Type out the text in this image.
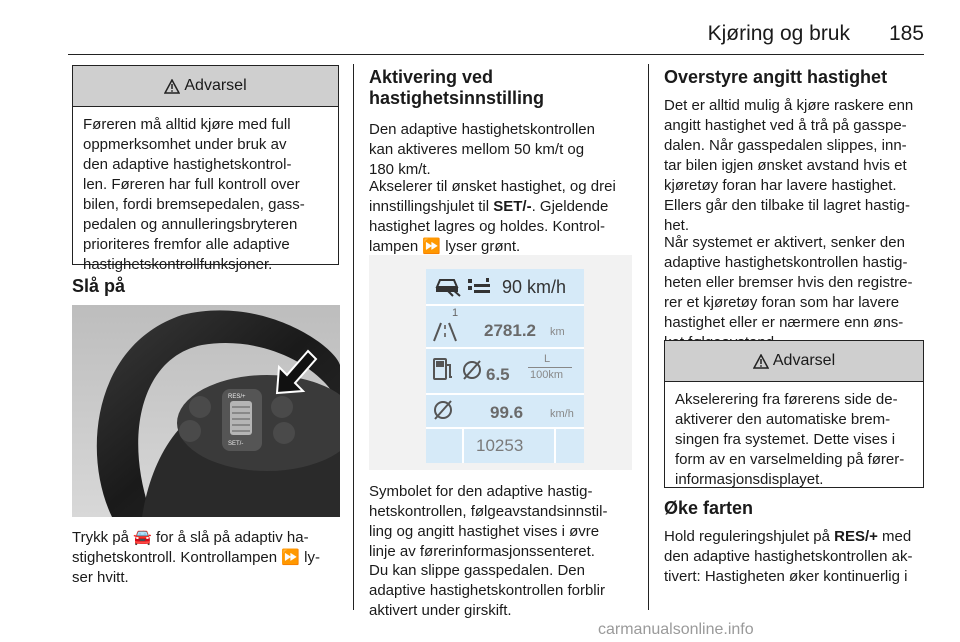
Kjøring og bruk 185
Advarsel
Føreren må alltid kjøre med full
oppmerksomhet under bruk av
den adaptive hastighetskontrol-
len. Føreren har full kontroll over
bilen, fordi bremsepedalen, gass-
pedalen og annulleringsbryteren
prioriteres fremfor alle adaptive
hastighetskontrollfunksjoner.
Slå på
RES/+
SET/-

Trykk på 🚘 for å slå på adaptiv ha-
stighetskontroll. Kontrollampen ⏩ ly-
ser hvitt.

Aktivering ved
hastighetsinnstilling

Den adaptive hastighetskontrollen
kan aktiveres mellom 50 km/t og
180 km/t.

Akselerer til ønsket hastighet, og drei
innstillingshjulet til SET/-. Gjeldende
hastighet lagres og holdes. Kontrol-
lampen ⏩ lyser grønt.

90 km/h
1
2781.2 km
6.5
L
100km
99.6 km/h
10253

Symbolet for den adaptive hastig-
hetskontrollen, følgeavstandsinnstil-
ling og angitt hastighet vises i øvre
linje av førerinformasjonssenteret.

Du kan slippe gasspedalen. Den
adaptive hastighetskontrollen forblir
aktivert under girskift.

Overstyre angitt hastighet

Det er alltid mulig å kjøre raskere enn
angitt hastighet ved å trå på gasspe-
dalen. Når gasspedalen slippes, inn-
tar bilen igjen ønsket avstand hvis et
kjøretøy foran har lavere hastighet.
Ellers går den tilbake til lagret hastig-
het.

Når systemet er aktivert, senker den
adaptive hastighetskontrollen hastig-
heten eller bremser hvis den registre-
rer et kjøretøy foran som har lavere
hastighet eller er nærmere enn øns-

Advarsel
Akselerering fra førerens side de-
aktiverer den automatiske brem-
singen fra systemet. Dette vises i
form av en varselmelding på fører-
informasjonsdisplayet.
Øke farten

Hold reguleringshjulet på RES/+ med
den adaptive hastighetskontrollen ak-
tivert: Hastigheten øker kontinuerlig i

carmanualsonline.info
